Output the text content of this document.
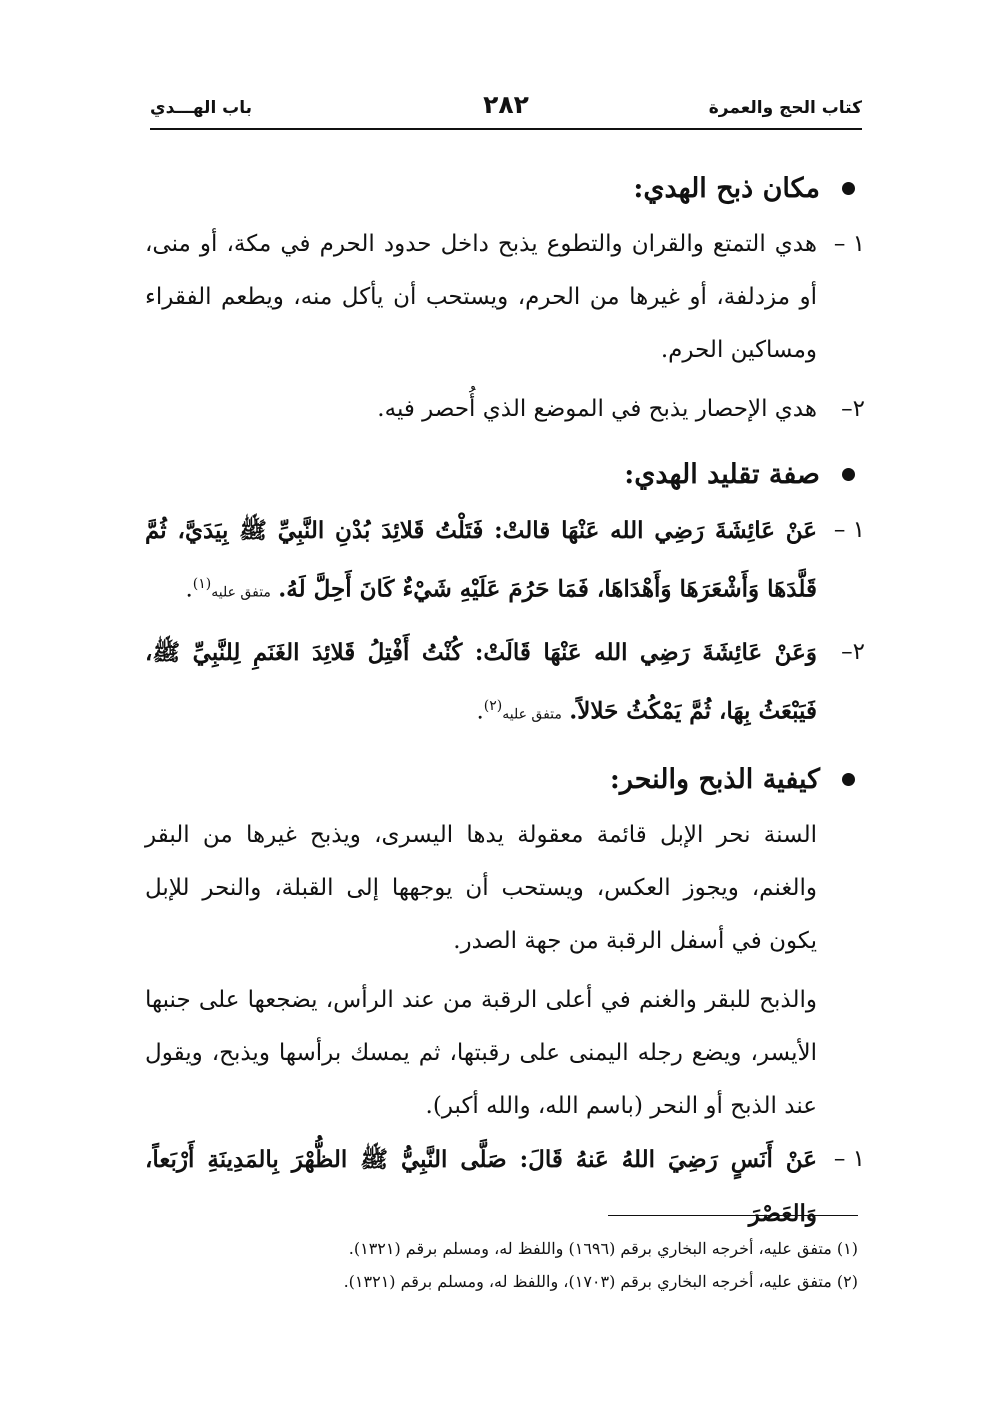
كتاب الحج والعمرة
٢٨٢
باب الهـــدي
مكان ذبح الهدي:

١ –
هدي التمتع والقران والتطوع يذبح داخل حدود الحرم في مكة، أو منى، أو مزدلفة، أو غيرها من الحرم، ويستحب أن يأكل منه، ويطعم الفقراء ومساكين الحرم.

٢–
هدي الإحصار يذبح في الموضع الذي أُحصر فيه.

صفة تقليد الهدي:

١ –
عَنْ عَائِشَةَ رَضِي الله عَنْهَا قالتْ: فَتَلْتُ قَلائِدَ بُدْنِ النَّبِيِّ ﷺ بِيَدَيَّ، ثُمَّ قَلَّدَهَا وَأَشْعَرَهَا وَأَهْدَاهَا، فَمَا حَرُمَ عَلَيْهِ شَيْءٌ كَانَ أَحِلَّ لَهُ. متفق عليه$^{(١)}$.

٢–
وَعَنْ عَائِشَةَ رَضِي الله عَنْهَا قَالَتْ: كُنْتُ أَفْتِلُ قَلائِدَ الغَنَمِ لِلنَّبِيِّ ﷺ، فَيَبْعَثُ بِهَا، ثُمَّ يَمْكُثُ حَلالاً. متفق عليه$^{(٢)}$.

كيفية الذبح والنحر:

السنة نحر الإبل قائمة معقولة يدها اليسرى، ويذبح غيرها من البقر والغنم، ويجوز العكس، ويستحب أن يوجهها إلى القبلة، والنحر للإبل يكون في أسفل الرقبة من جهة الصدر.

والذبح للبقر والغنم في أعلى الرقبة من عند الرأس، يضجعها على جنبها الأيسر، ويضع رجله اليمنى على رقبتها، ثم يمسك برأسها ويذبح، ويقول عند الذبح أو النحر (باسم الله، والله أكبر).

١ –
عَنْ أَنَسٍ رَضِيَ اللهُ عَنهُ قَالَ: صَلَّى النَّبِيُّ ﷺ الظُّهْرَ بِالمَدِينَةِ أَرْبَعاً، وَالعَصْرَ

(١) متفق عليه، أخرجه البخاري برقم (١٦٩٦) واللفظ له، ومسلم برقم (١٣٢١).
(٢) متفق عليه، أخرجه البخاري برقم (١٧٠٣)، واللفظ له، ومسلم برقم (١٣٢١).
